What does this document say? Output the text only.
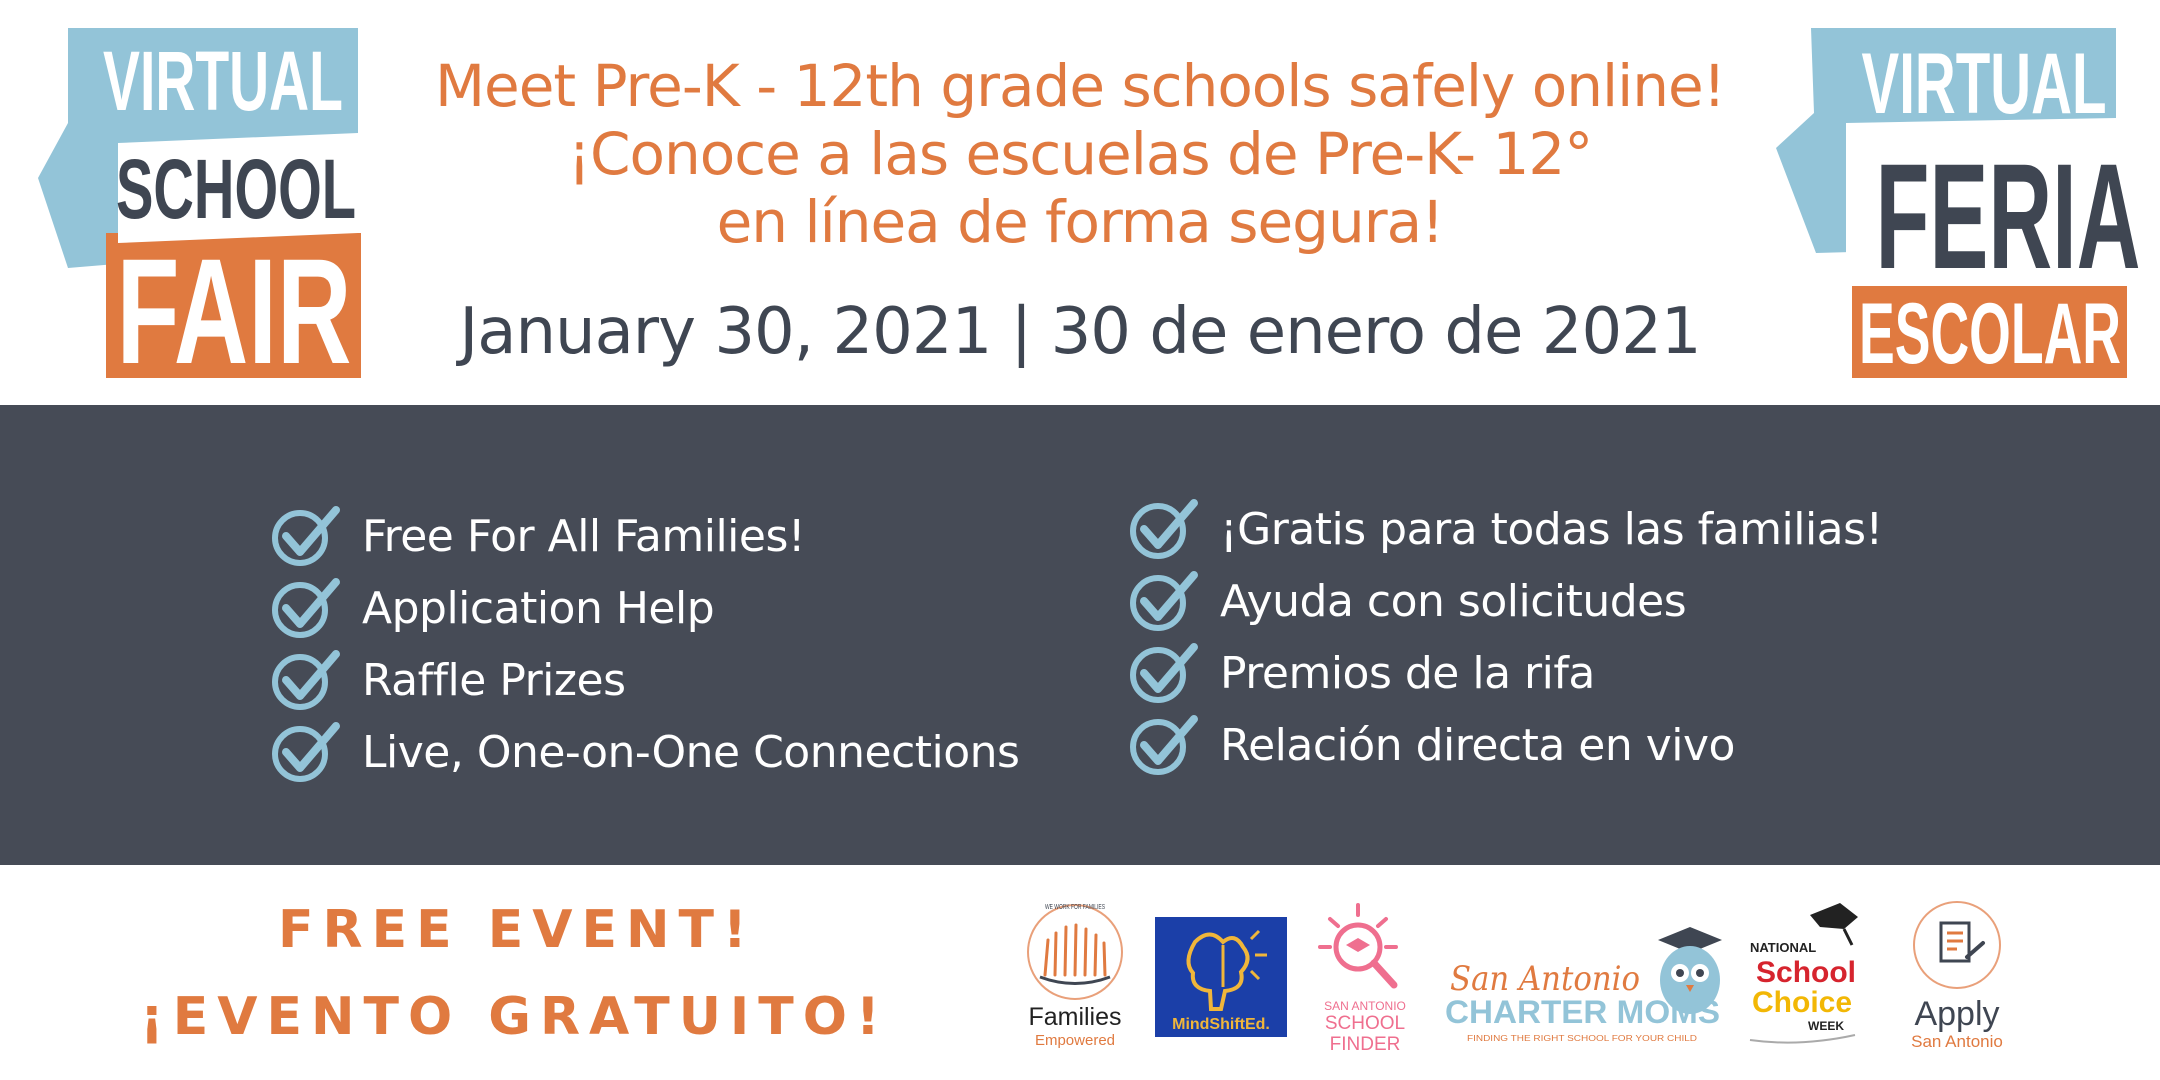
VIRTUAL
SCHOOL
FAIR
Meet Pre-K - 12th grade schools safely online!
¡Conoce a las escuelas de Pre-K- 12°
en línea de forma segura!
January 30, 2021 | 30 de enero de 2021
VIRTUAL
FERIA
ESCOLAR
Free For All Families!
Application Help
Raffle Prizes
Live, One-on-One Connections
¡Gratis para todas las familias!
Ayuda con solicitudes
Premios de la rifa
Relación directa en vivo
FREE EVENT!
¡EVENTO GRATUITO!
WE WORK FOR FAMILIES
Families
Empowered
MindShiftEd.
SAN ANTONIO
SCHOOL
FINDER
San Antonio
CHARTER MOMS
FINDING THE RIGHT SCHOOL FOR YOUR CHILD
NATIONAL
School
Choice
WEEK Apply
San Antonio
